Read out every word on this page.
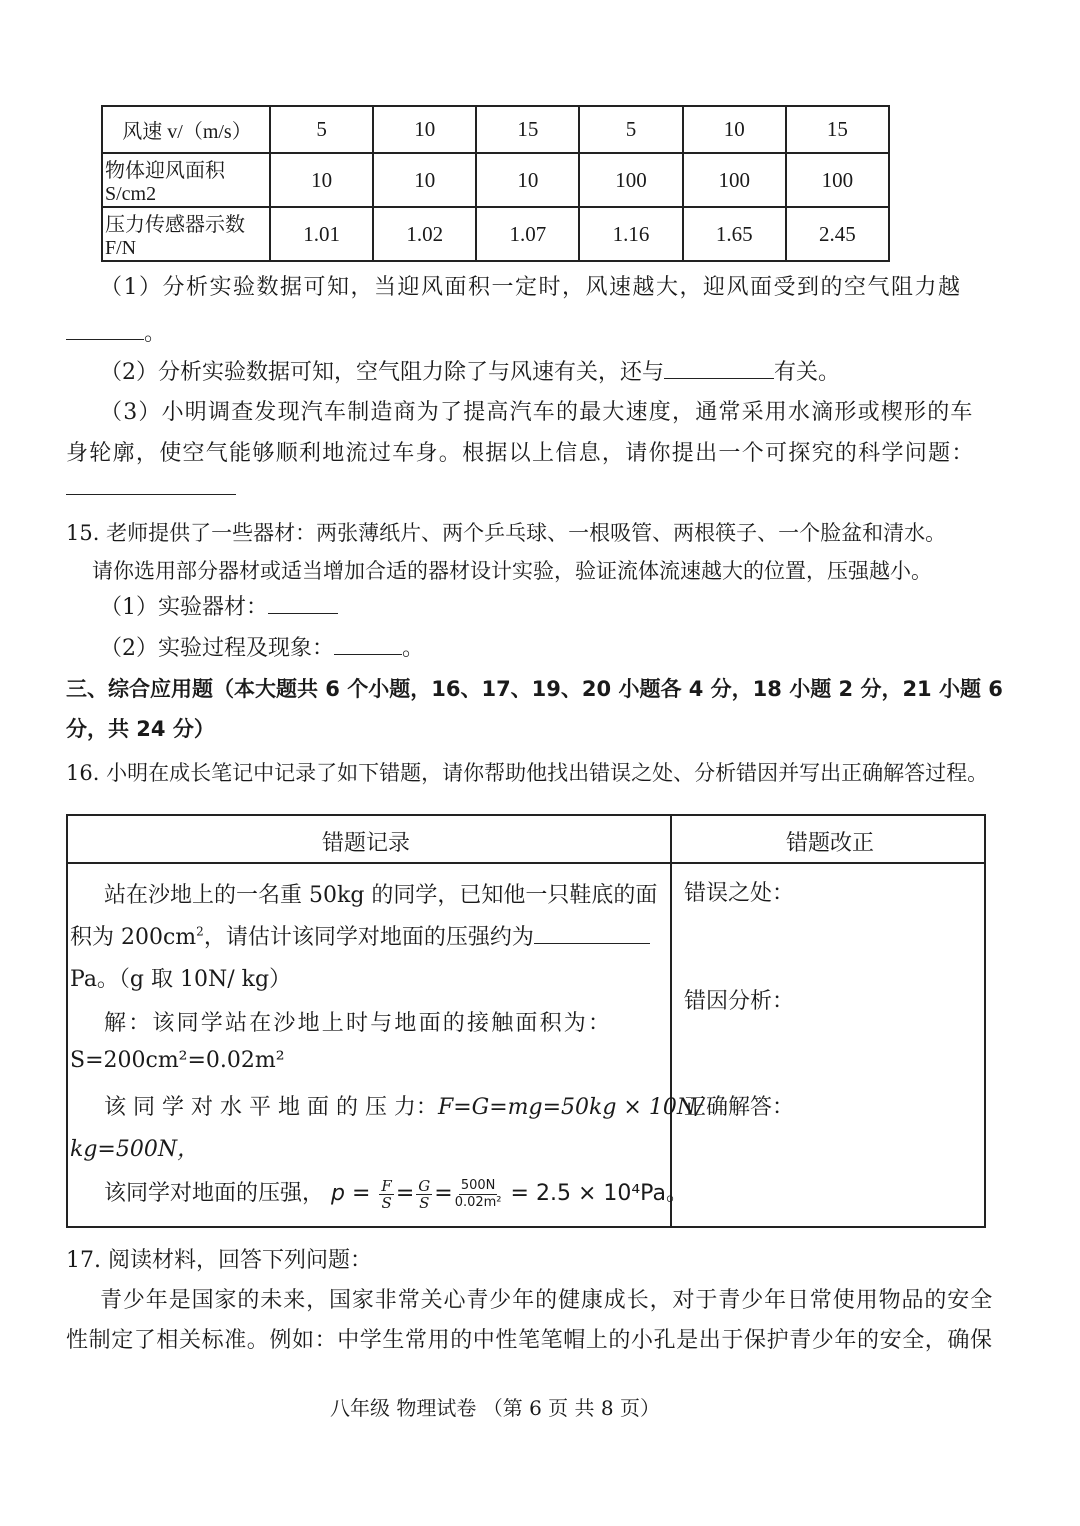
风速 v/（m/s）	5	10	15	5	10	15
物体迎风面积 S/cm2	10	10	10	100	100	100
压力传感器示数 F/N	1.01	1.02	1.07	1.16	1.65	2.45
（1）分析实验数据可知，当迎风面积一定时，风速越大，迎风面受到的空气阻力越
。
（2）分析实验数据可知，空气阻力除了与风速有关，还与	有关。
（3）小明调查发现汽车制造商为了提高汽车的最大速度，通常采用水滴形或楔形的车
身轮廓，使空气能够顺利地流过车身。根据以上信息，请你提出一个可探究的科学问题：
15. 老师提供了一些器材：两张薄纸片、两个乒乓球、一根吸管、两根筷子、一个脸盆和清水。
请你选用部分器材或适当增加合适的器材设计实验，验证流体流速越大的位置，压强越小。
（1）实验器材：
（2）实验过程及现象：	。
三、综合应用题（本大题共 6 个小题，16、17、19、20 小题各 4 分，18 小题 2 分，21 小题 6
分，共 24 分）
16. 小明在成长笔记中记录了如下错题，请你帮助他找出错误之处、分析错因并写出正确解答过程。
错题记录	错题改正
站在沙地上的一名重 50kg 的同学，已知他一只鞋底的面
积为 $200cm^2$，请估计该同学对地面的压强约为
Pa。（g 取 10N/ kg）
解：该同学站在沙地上时与地面的接触面积为：
S=200cm²=0.02m²
该 同 学 对 水 平 地 面 的 压 力：F=G=mg=50kg × 10N/
kg=500N，
该同学对地面的压强， $p = \frac{F}{S} = \frac{G}{S} = \frac{500N}{\text{0.02m²}} = 2.5 \times 10^4Pa$。
错误之处：
错因分析：
正确解答：
17. 阅读材料，回答下列问题：
青少年是国家的未来，国家非常关心青少年的健康成长，对于青少年日常使用物品的安全
性制定了相关标准。例如：中学生常用的中性笔笔帽上的小孔是出于保护青少年的安全，确保
八年级 物理试卷 （第 6 页 共 8 页）
